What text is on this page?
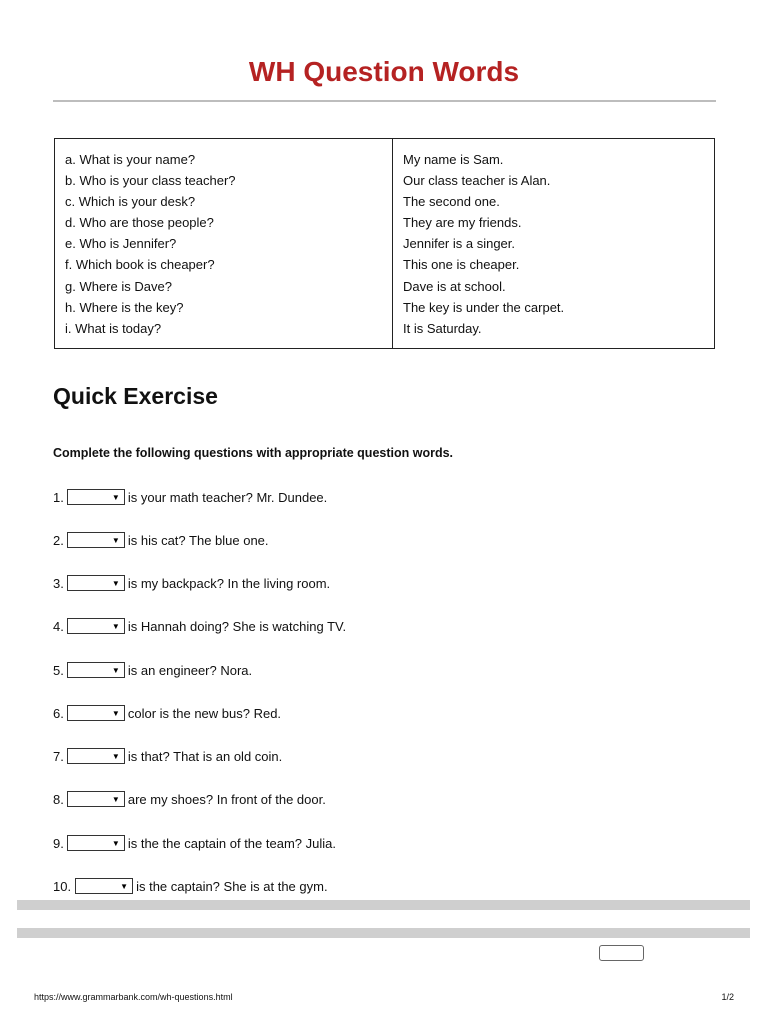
WH Question Words
a. What is your name?
b. Who is your class teacher?
c. Which is your desk?
d. Who are those people?
e. Who is Jennifer?
f. Which book is cheaper?
g. Where is Dave?
h. Where is the key?
i. What is today?

My name is Sam.
Our class teacher is Alan.
The second one.
They are my friends.
Jennifer is a singer.
This one is cheaper.
Dave is at school.
The key is under the carpet.
It is Saturday.
Quick Exercise

Complete the following questions with appropriate question words.

1.	▼ is your math teacher? Mr. Dundee.
2.	▼ is his cat? The blue one.
3.	▼ is my backpack? In the living room.
4.	▼ is Hannah doing? She is watching TV.
5.	▼ is an engineer? Nora.
6.	▼ color is the new bus? Red.
7.	▼ is that? That is an old coin.
8.	▼ are my shoes? In front of the door.
9.	▼ is the the captain of the team? Julia.
10.	▼ is the captain? She is at the gym.
https://www.grammarbank.com/wh-questions.html	1/2
